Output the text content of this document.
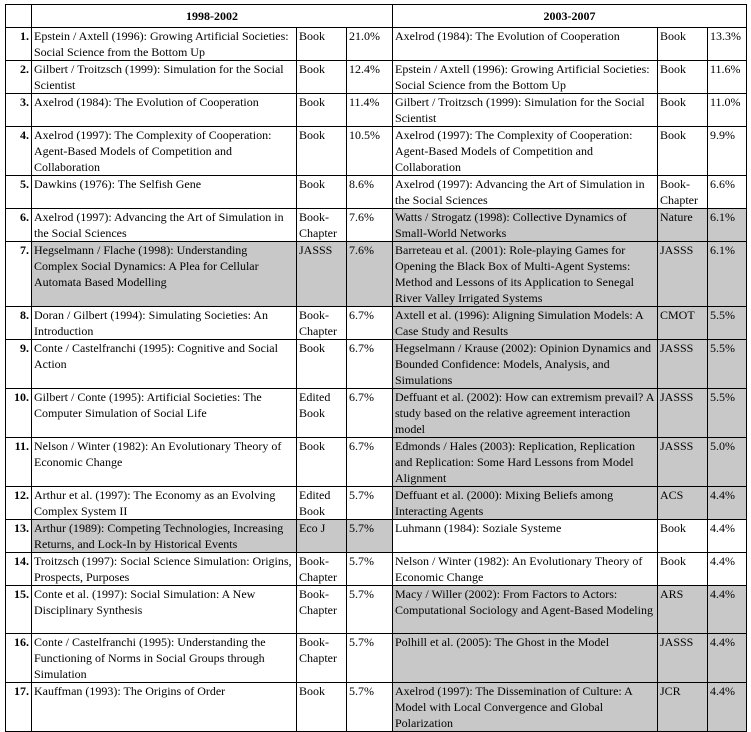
	1998-2002			2003-2007		
1.	Epstein / Axtell (1996): Growing Artificial Societies: Social Science from the Bottom Up	Book	21.0%	Axelrod (1984): The Evolution of Cooperation	Book	13.3%
2.	Gilbert / Troitzsch (1999): Simulation for the Social Scientist	Book	12.4%	Epstein / Axtell (1996): Growing Artificial Societies: Social Science from the Bottom Up	Book	11.6%
3.	Axelrod (1984): The Evolution of Cooperation	Book	11.4%	Gilbert / Troitzsch (1999): Simulation for the Social Scientist	Book	11.0%
4.	Axelrod (1997): The Complexity of Cooperation: Agent-Based Models of Competition and Collaboration	Book	10.5%	Axelrod (1997): The Complexity of Cooperation: Agent-Based Models of Competition and Collaboration	Book	9.9%
5.	Dawkins (1976): The Selfish Gene	Book	8.6%	Axelrod (1997): Advancing the Art of Simulation in the Social Sciences	Book-Chapter	6.6%
6.	Axelrod (1997): Advancing the Art of Simulation in the Social Sciences	Book-Chapter	7.6%	Watts / Strogatz (1998): Collective Dynamics of Small-World Networks	Nature	6.1%
7.	Hegselmann / Flache (1998): Understanding Complex Social Dynamics: A Plea for Cellular Automata Based Modelling	JASSS	7.6%	Barreteau et al. (2001): Role-playing Games for Opening the Black Box of Multi-Agent Systems: Method and Lessons of its Application to Senegal River Valley Irrigated Systems	JASSS	6.1%
8.	Doran / Gilbert (1994): Simulating Societies: An Introduction	Book-Chapter	6.7%	Axtell et al. (1996): Aligning Simulation Models: A Case Study and Results	CMOT	5.5%
9.	Conte / Castelfranchi (1995): Cognitive and Social Action	Book	6.7%	Hegselmann / Krause (2002): Opinion Dynamics and Bounded Confidence: Models, Analysis, and Simulations	JASSS	5.5%
10.	Gilbert / Conte (1995): Artificial Societies: The Computer Simulation of Social Life	Edited Book	6.7%	Deffuant et al. (2002): How can extremism prevail? A study based on the relative agreement interaction model	JASSS	5.5%
11.	Nelson / Winter (1982): An Evolutionary Theory of Economic Change	Book	6.7%	Edmonds / Hales (2003): Replication, Replication and Replication: Some Hard Lessons from Model Alignment	JASSS	5.0%
12.	Arthur et al. (1997): The Economy as an Evolving Complex System II	Edited Book	5.7%	Deffuant et al. (2000): Mixing Beliefs among Interacting Agents	ACS	4.4%
13.	Arthur (1989): Competing Technologies, Increasing Returns, and Lock-In by Historical Events	Eco J	5.7%	Luhmann (1984): Soziale Systeme	Book	4.4%
14.	Troitzsch (1997): Social Science Simulation: Origins, Prospects, Purposes	Book-Chapter	5.7%	Nelson / Winter (1982): An Evolutionary Theory of Economic Change	Book	4.4%
15.	Conte et al. (1997): Social Simulation: A New Disciplinary Synthesis	Book-Chapter	5.7%	Macy / Willer (2002): From Factors to Actors: Computational Sociology and Agent-Based Modeling	ARS	4.4%
16.	Conte / Castelfranchi (1995): Understanding the Functioning of Norms in Social Groups through Simulation	Book-Chapter	5.7%	Polhill et al. (2005): The Ghost in the Model	JASSS	4.4%
17.	Kauffman (1993): The Origins of Order	Book	5.7%	Axelrod (1997): The Dissemination of Culture: A Model with Local Convergence and Global Polarization	JCR	4.4%
